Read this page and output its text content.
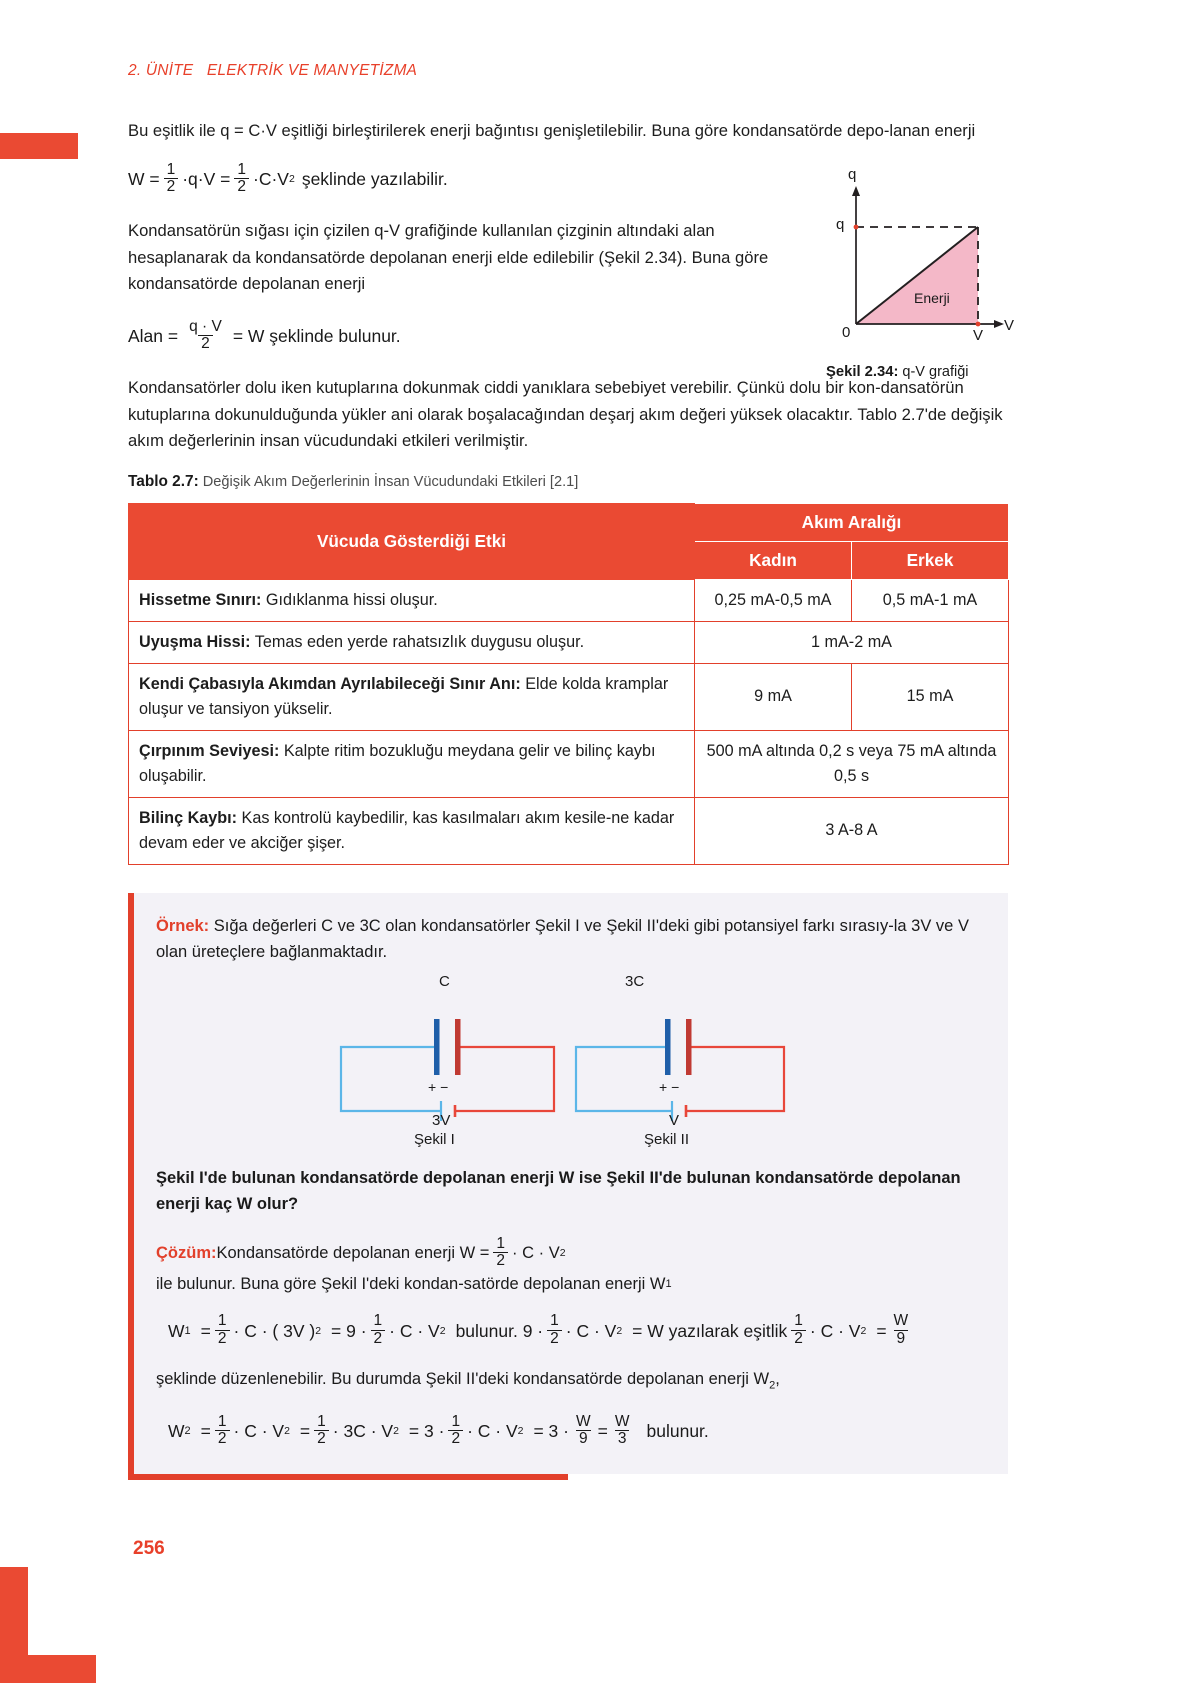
2. ÜNİTE   ELEKTRİK VE MANYETİZMA
256
q
q
0	V
V
Enerji
Şekil 2.34: q-V grafiği

Bu eşitlik ile q = C·V eşitliği birleştirilerek enerji bağıntısı genişletilebilir. Buna göre kondansatörde depo-lanan enerji

$W = \frac{1}{2} \cdot q\cdot V = \frac{1}{2} \cdot C\cdot V$ 2 şeklinde yazılabilir.

Kondansatörün sığası için çizilen q-V grafiğinde kullanılan çizginin altındaki alan hesaplanarak da kondansatörde depolanan enerji elde edilebilir (Şekil 2.34). Buna göre kondansatörde depolanan enerji

Alan = $\frac{q \cdot V}{2} = W$ şeklinde bulunur.

Kondansatörler dolu iken kutuplarına dokunmak ciddi yanıklara sebebiyet verebilir. Çünkü dolu bir kon-dansatörün kutuplarına dokunulduğunda yükler ani olarak boşalacağından deşarj akım değeri yüksek olacaktır. Tablo 2.7'de değişik akım değerlerinin insan vücudundaki etkileri verilmiştir.

Tablo 2.7: Değişik Akım Değerlerinin İnsan Vücudundaki Etkileri [2.1]
Vücuda Gösterdiği Etki	Akım Aralığı	
	Kadın	Erkek
Hissetme Sınırı: Gıdıklanma hissi oluşur.	0,25 mA-0,5 mA	0,5 mA-1 mA
Uyuşma Hissi: Temas eden yerde rahatsızlık duygusu oluşur.	1 mA-2 mA	
Kendi Çabasıyla Akımdan Ayrılabileceği Sınır Anı: Elde kolda kramplar oluşur ve tansiyon yükselir.	9 mA	15 mA
Çırpınım Seviyesi: Kalpte ritim bozukluğu meydana gelir ve bilinç kaybı oluşabilir.	500 mA altında 0,2 s veya 75 mA altında 0,5 s	
Bilinç Kaybı: Kas kontrolü kaybedilir, kas kasılmaları akım kesile-ne kadar devam eder ve akciğer şişer.	3 A-8 A	

Örnek: Sığa değerleri C ve 3C olan kondansatörler Şekil I ve Şekil II'deki gibi potansiyel farkı sırasıy-la 3V ve V olan üreteçlere bağlanmaktadır.

C	3C
+ −	+ −
3V	V
Şekil I	Şekil II

Şekil I'de bulunan kondansatörde depolanan enerji W ise Şekil II'de bulunan kondansatörde depolanan enerji kaç W olur?

Çözüm: Kondansatörde depolanan enerji $W = \frac{1}{2} \cdot C \cdot V$ 2
ile bulunur. Buna göre Şekil I'deki kondan-satörde depolanan enerji W 1
W $1 = \frac{1}{2} \cdot C$ · ( 3V ) $2 = 9 \cdot \frac{1}{2} \cdot C \cdot V$ 2 bulunur. $9 \cdot \frac{1}{2} \cdot C \cdot V$ 2 = W yazılarak eşitlik $\frac{1}{2} \cdot C \cdot V$ $2 = \frac{W}{9}$

şeklinde düzenlenebilir. Bu durumda Şekil II'deki kondansatörde depolanan enerji $W_2$,

W $2 = \frac{1}{2} \cdot C \cdot V$ $2 = \frac{1}{2} \cdot 3C \cdot V$ $2 = 3 \cdot \frac{1}{2} \cdot C \cdot V$ $2 = 3 \cdot \frac{W}{9} = \frac{W}{3}$ bulunur.
